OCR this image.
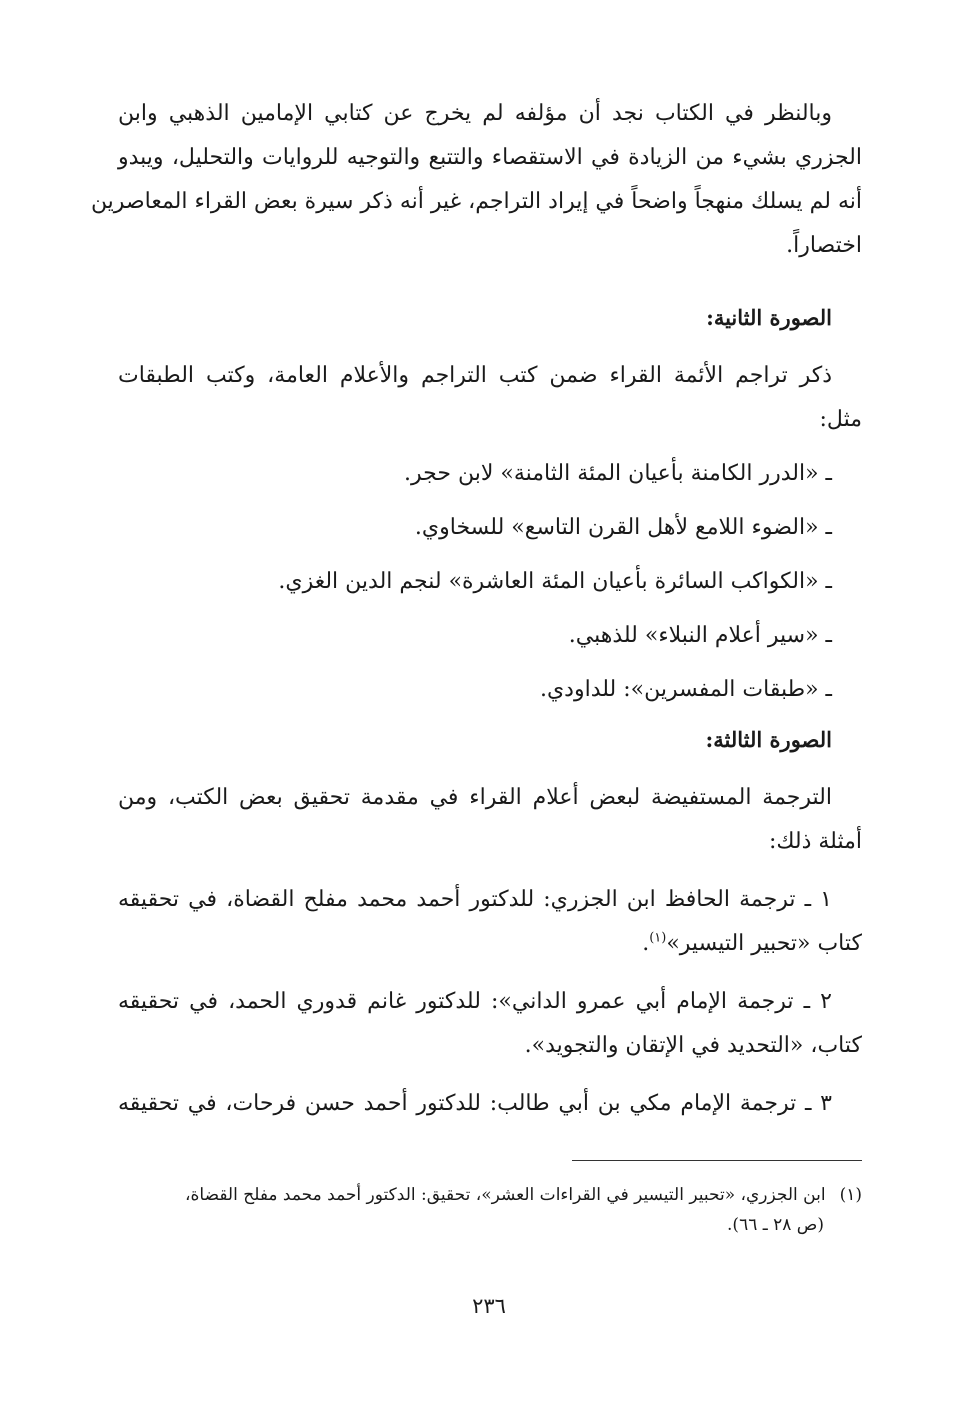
وبالنظر في الكتاب نجد أن مؤلفه لم يخرج عن كتابي الإمامين الذهبي وابن
الجزري بشيء من الزيادة في الاستقصاء والتتبع والتوجيه للروايات والتحليل، ويبدو
أنه لم يسلك منهجاً واضحاً في إيراد التراجم، غير أنه ذكر سيرة بعض القراء المعاصرين
اختصاراً.
الصورة الثانية:
ذكر تراجم الأئمة القراء ضمن كتب التراجم والأعلام العامة، وكتب الطبقات
مثل:
ـ «الدرر الكامنة بأعيان المئة الثامنة» لابن حجر.
ـ «الضوء اللامع لأهل القرن التاسع» للسخاوي.
ـ «الكواكب السائرة بأعيان المئة العاشرة» لنجم الدين الغزي.
ـ «سير أعلام النبلاء» للذهبي.
ـ «طبقات المفسرين»: للداودي.
الصورة الثالثة:
الترجمة المستفيضة لبعض أعلام القراء في مقدمة تحقيق بعض الكتب، ومن
أمثلة ذلك:
١ ـ ترجمة الحافظ ابن الجزري: للدكتور أحمد محمد مفلح القضاة، في تحقيقه
كتاب «تحبير التيسير»$^{(١)}$.
٢ ـ ترجمة الإمام أبي عمرو الداني»: للدكتور غانم قدوري الحمد، في تحقيقه
كتاب، «التحديد في الإتقان والتجويد».
٣ ـ ترجمة الإمام مكي بن أبي طالب: للدكتور أحمد حسن فرحات، في تحقيقه
(١)ابن الجزري، «تحبير التيسير في القراءات العشر»، تحقيق: الدكتور أحمد محمد مفلح القضاة،
(ص ٢٨ ـ ٦٦).
٢٣٦
